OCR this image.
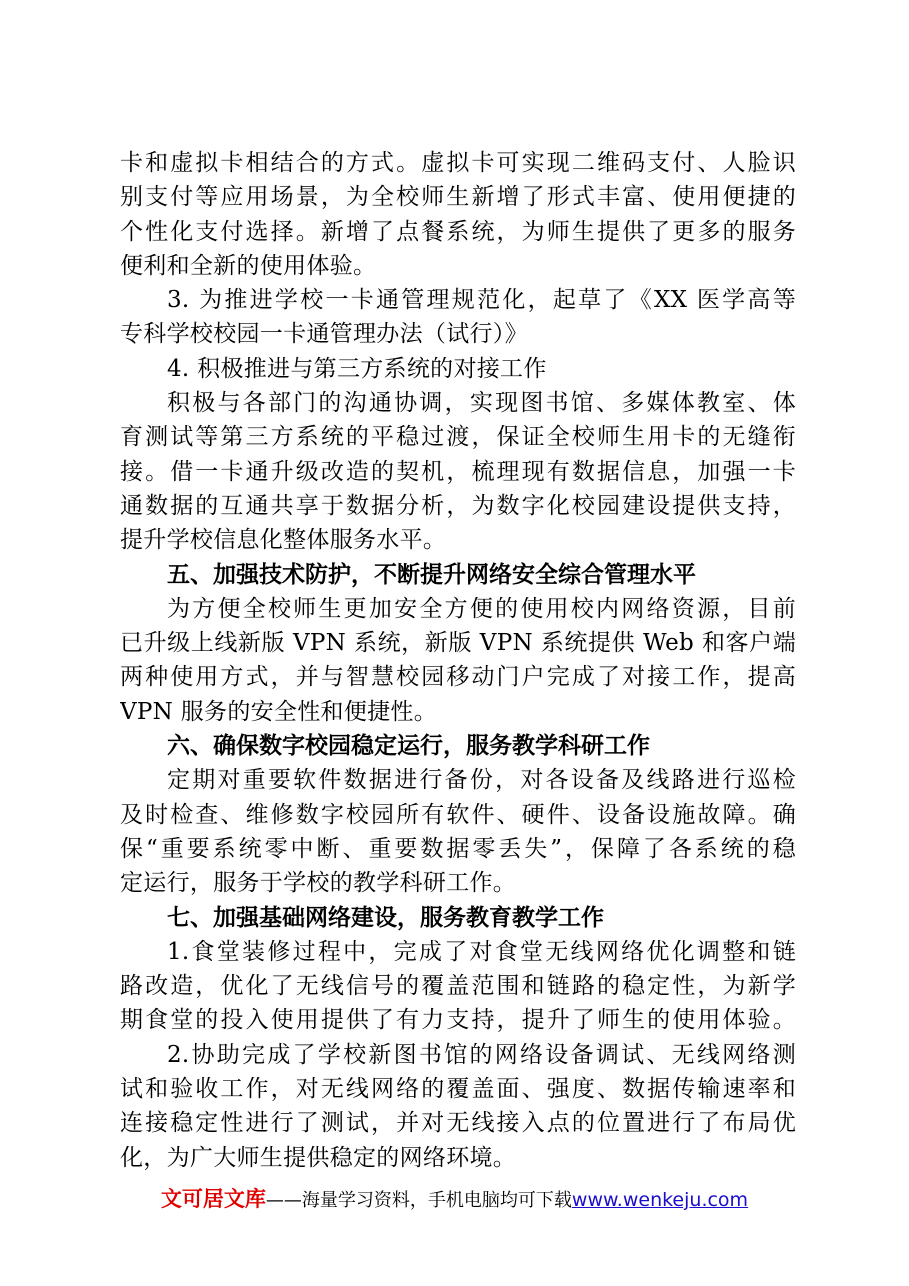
卡和虚拟卡相结合的方式。虚拟卡可实现二维码支付、人脸识
别支付等应用场景，为全校师生新增了形式丰富、使用便捷的
个性化支付选择。新增了点餐系统，为师生提供了更多的服务
便利和全新的使用体验。
3. 为推进学校一卡通管理规范化，起草了《XX 医学高等
专科学校校园一卡通管理办法（试行）》
4. 积极推进与第三方系统的对接工作
积极与各部门的沟通协调，实现图书馆、多媒体教室、体
育测试等第三方系统的平稳过渡，保证全校师生用卡的无缝衔
接。借一卡通升级改造的契机，梳理现有数据信息，加强一卡
通数据的互通共享于数据分析，为数字化校园建设提供支持，
提升学校信息化整体服务水平。
五、加强技术防护，不断提升网络安全综合管理水平
为方便全校师生更加安全方便的使用校内网络资源，目前
已升级上线新版 VPN 系统，新版 VPN 系统提供 Web 和客户端
两种使用方式，并与智慧校园移动门户完成了对接工作，提高
VPN 服务的安全性和便捷性。
六、确保数字校园稳定运行，服务教学科研工作
定期对重要软件数据进行备份，对各设备及线路进行巡检
及时检查、维修数字校园所有软件、硬件、设备设施故障。确
保“重要系统零中断、重要数据零丢失”，保障了各系统的稳
定运行，服务于学校的教学科研工作。
七、加强基础网络建设，服务教育教学工作
1.食堂装修过程中，完成了对食堂无线网络优化调整和链
路改造，优化了无线信号的覆盖范围和链路的稳定性，为新学
期食堂的投入使用提供了有力支持，提升了师生的使用体验。
2.协助完成了学校新图书馆的网络设备调试、无线网络测
试和验收工作，对无线网络的覆盖面、强度、数据传输速率和
连接稳定性进行了测试，并对无线接入点的位置进行了布局优
化，为广大师生提供稳定的网络环境。
文可居文库——海量学习资料，手机电脑均可下载www.wenkeju.com
